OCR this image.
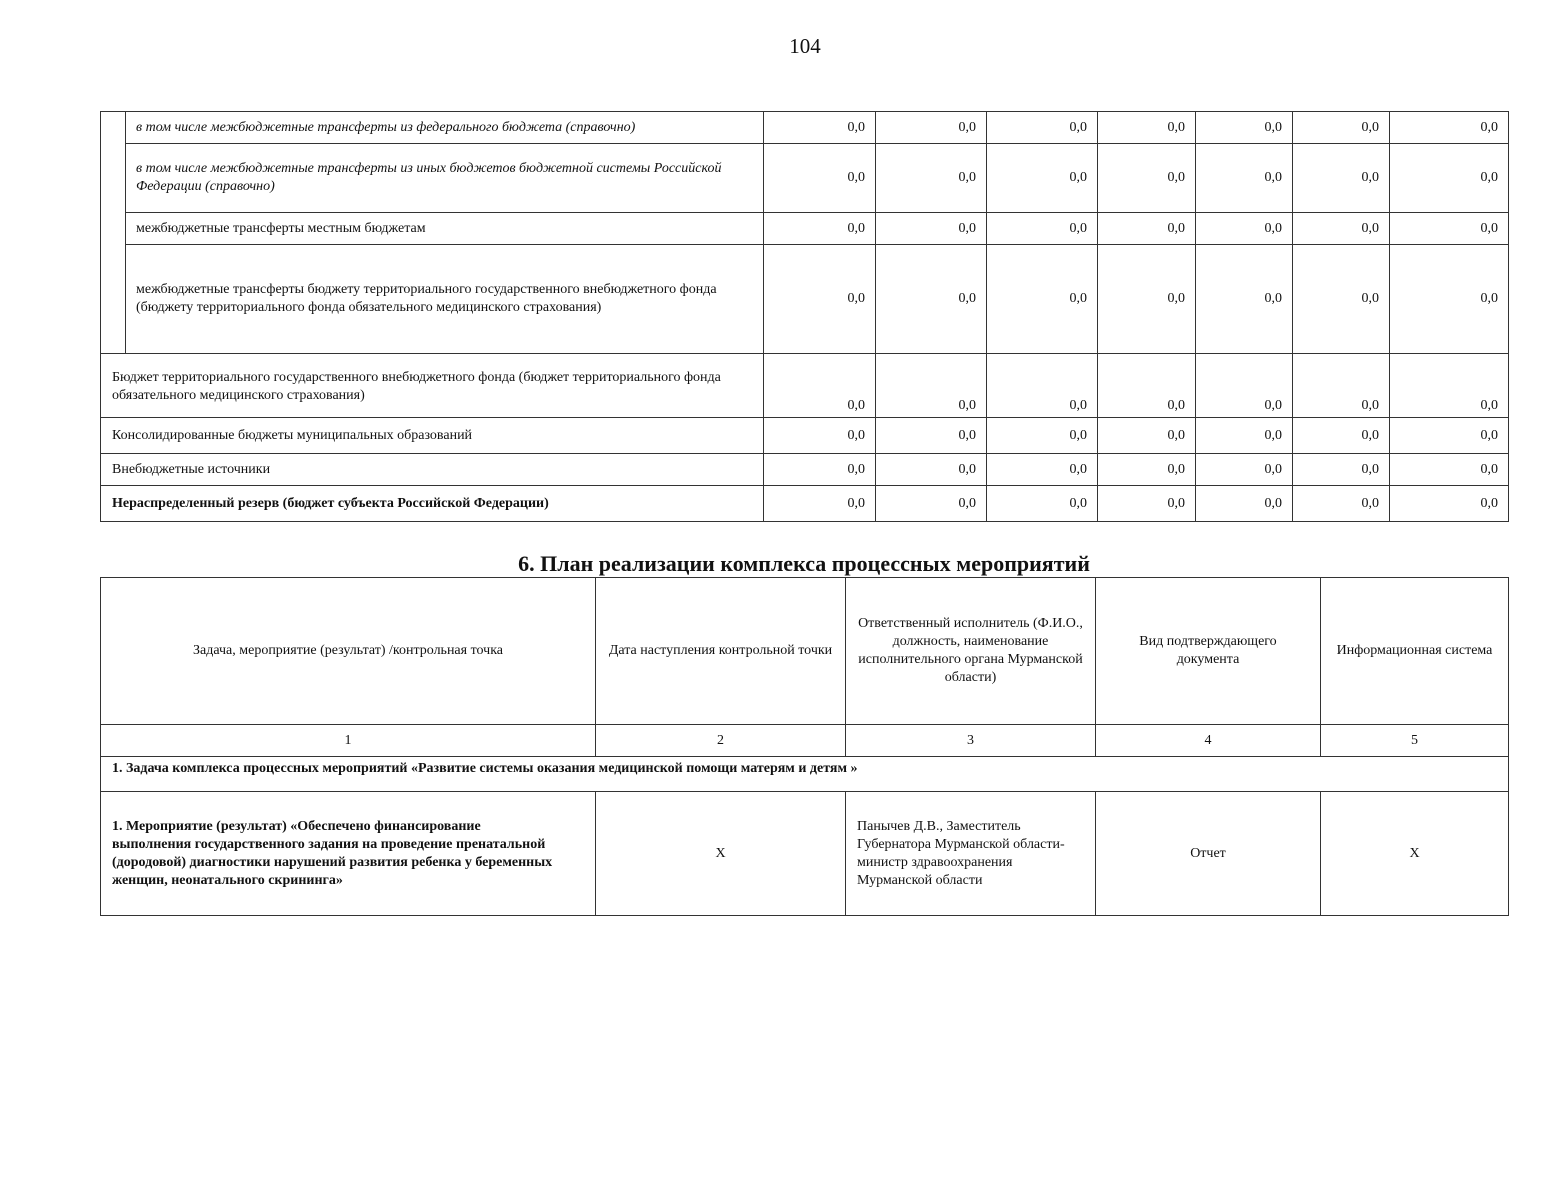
104
	в том числе межбюджетные трансферты из федерального бюджета (справочно)	0,0	0,0	0,0	0,0	0,0	0,0	0,0
	в том числе межбюджетные трансферты из иных бюджетов бюджетной системы Российской Федерации (справочно)	0,0	0,0	0,0	0,0	0,0	0,0	0,0
	межбюджетные трансферты местным бюджетам	0,0	0,0	0,0	0,0	0,0	0,0	0,0
	межбюджетные трансферты бюджету территориального государственного внебюджетного фонда (бюджету территориального фонда обязательного медицинского страхования)	0,0	0,0	0,0	0,0	0,0	0,0	0,0
Бюджет территориального государственного внебюджетного фонда (бюджет территориального фонда обязательного медицинского страхования)		0,0	0,0	0,0	0,0	0,0	0,0	0,0
Консолидированные бюджеты муниципальных образований		0,0	0,0	0,0	0,0	0,0	0,0	0,0
Внебюджетные источники		0,0	0,0	0,0	0,0	0,0	0,0	0,0
Нераспределенный резерв (бюджет субъекта Российской Федерации)		0,0	0,0	0,0	0,0	0,0	0,0	0,0
6. План реализации комплекса процессных мероприятий
Задача, мероприятие (результат) /контрольная точка	Дата наступления контрольной точки	Ответственный исполнитель (Ф.И.О., должность, наименование исполнительного органа Мурманской области)	Вид подтверждающего документа	Информационная система
1	2	3	4	5
1. Задача комплекса процессных мероприятий «Развитие системы оказания медицинской помощи матерям и детям »				
1. Мероприятие (результат) «Обеспечено финансирование выполнения государственного задания на проведение пренатальной (дородовой) диагностики нарушений развития ребенка у беременных женщин, неонатального скрининга»	X	Панычев Д.В., Заместитель Губернатора Мурманской области-министр здравоохранения Мурманской области	Отчет	X
